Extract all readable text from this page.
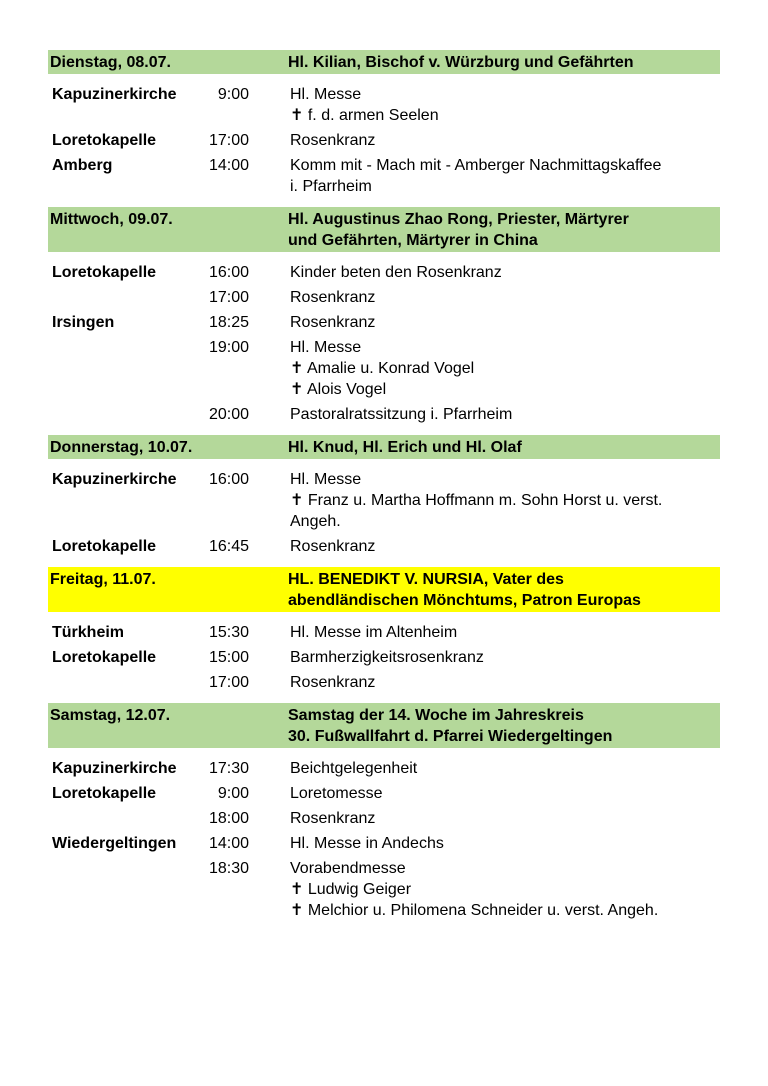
Dienstag, 08.07.	Hl. Kilian, Bischof v. Würzburg und Gefährten
Kapuzinerkirche	9:00	Hl. Messe
✝ f. d. armen Seelen
Loretokapelle	17:00	Rosenkranz
Amberg	14:00	Komm mit - Mach mit - Amberger Nachmittagskaffee
i. Pfarrheim
Mittwoch, 09.07.	Hl. Augustinus Zhao Rong, Priester, Märtyrer
und Gefährten, Märtyrer in China
Loretokapelle	16:00	Kinder beten den Rosenkranz
17:00	Rosenkranz
Irsingen	18:25	Rosenkranz
19:00	Hl. Messe
✝ Amalie u. Konrad Vogel
✝ Alois Vogel
20:00	Pastoralratssitzung i. Pfarrheim
Donnerstag, 10.07.	Hl. Knud, Hl. Erich und Hl. Olaf
Kapuzinerkirche	16:00	Hl. Messe
✝ Franz u. Martha Hoffmann m. Sohn Horst u. verst.
Angeh.
Loretokapelle	16:45	Rosenkranz
Freitag, 11.07.	HL. BENEDIKT V. NURSIA, Vater des
abendländischen Mönchtums, Patron Europas
Türkheim	15:30	Hl. Messe im Altenheim
Loretokapelle	15:00	Barmherzigkeitsrosenkranz
17:00	Rosenkranz
Samstag, 12.07.	Samstag der 14. Woche im Jahreskreis
30. Fußwallfahrt d. Pfarrei Wiedergeltingen
Kapuzinerkirche	17:30	Beichtgelegenheit
Loretokapelle	9:00	Loretomesse
18:00	Rosenkranz
Wiedergeltingen	14:00	Hl. Messe in Andechs
18:30	Vorabendmesse
✝ Ludwig Geiger
✝ Melchior u. Philomena Schneider u. verst. Angeh.
